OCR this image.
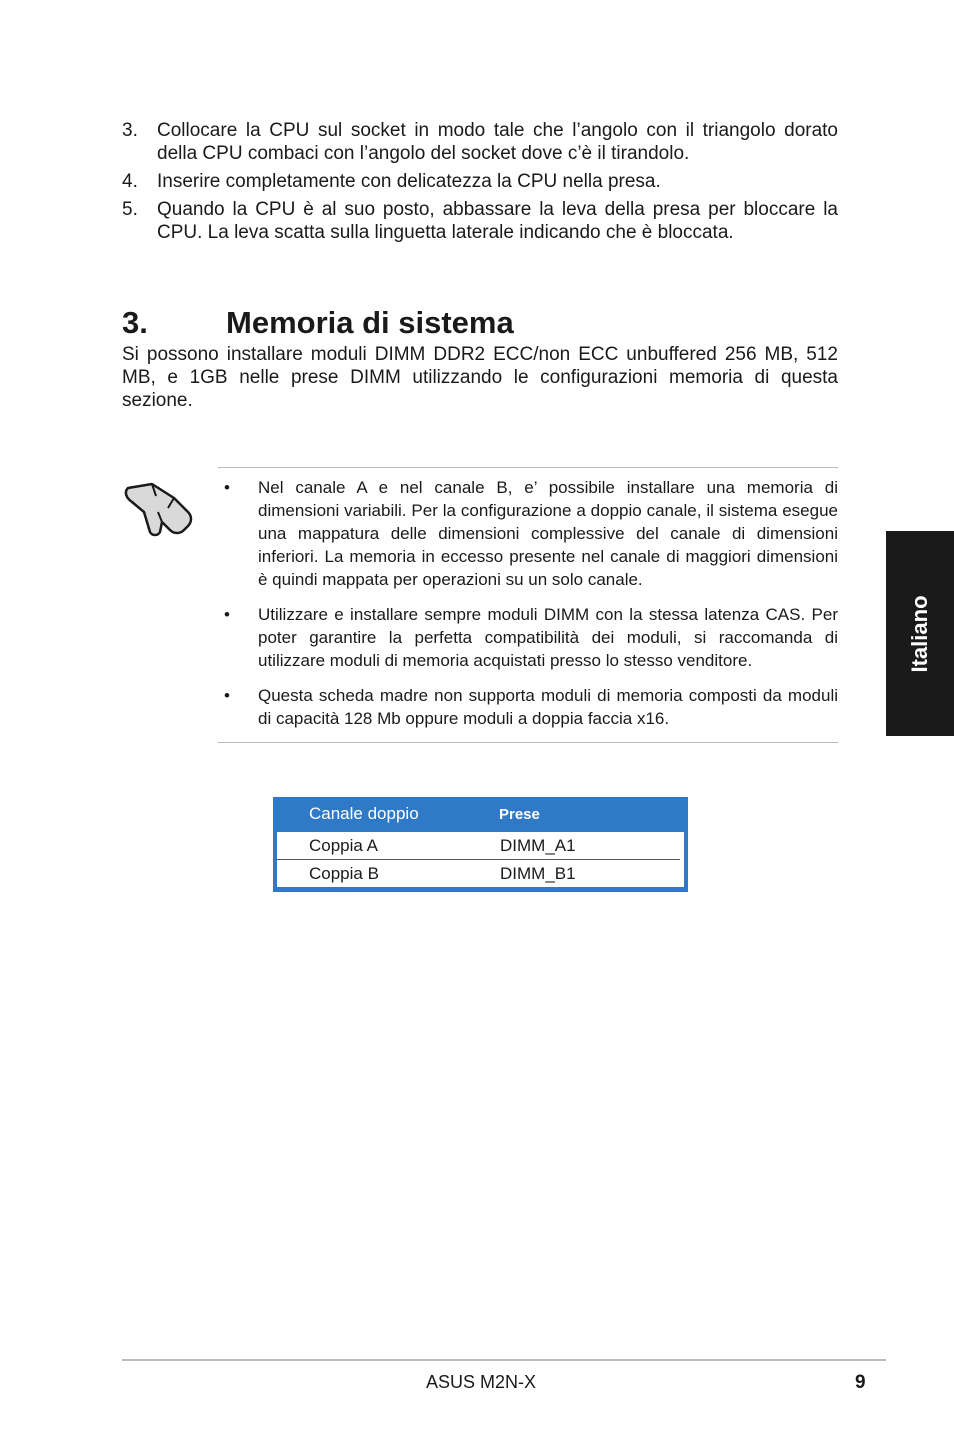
3.	Collocare la CPU sul socket in modo tale che l’angolo con il triangolo dorato della CPU combaci con l’angolo del socket dove c’è il tirandolo.
4.	Inserire completamente con delicatezza la CPU nella presa.
5.	Quando la CPU è al suo posto, abbassare la leva della presa per bloccare la CPU. La leva scatta sulla linguetta laterale indicando che è bloccata.
3.	Memoria di sistema
Si possono installare moduli DIMM DDR2 ECC/non ECC unbuffered 256 MB, 512 MB, e 1GB nelle prese DIMM utilizzando le configurazioni memoria di questa sezione.
•	Nel canale A e nel canale B, e’ possibile installare una memoria di dimensioni variabili. Per la configurazione a doppio canale, il sistema esegue una mappatura delle dimensioni complessive del canale di dimensioni inferiori. La memoria in eccesso presente nel canale di maggiori dimensioni è quindi mappata per operazioni su un solo canale.
•	Utilizzare e installare sempre moduli DIMM con la stessa latenza CAS. Per poter garantire la perfetta compatibilità dei moduli, si raccomanda di utilizzare moduli di memoria acquistati presso lo stesso venditore.
•	Questa scheda madre non supporta moduli di memoria composti da moduli di capacità 128 Mb oppure moduli a doppia faccia x16.
Canale doppio	Prese
Coppia A	DIMM_A1
Coppia B	DIMM_B1
Italiano
ASUS M2N-X	9
